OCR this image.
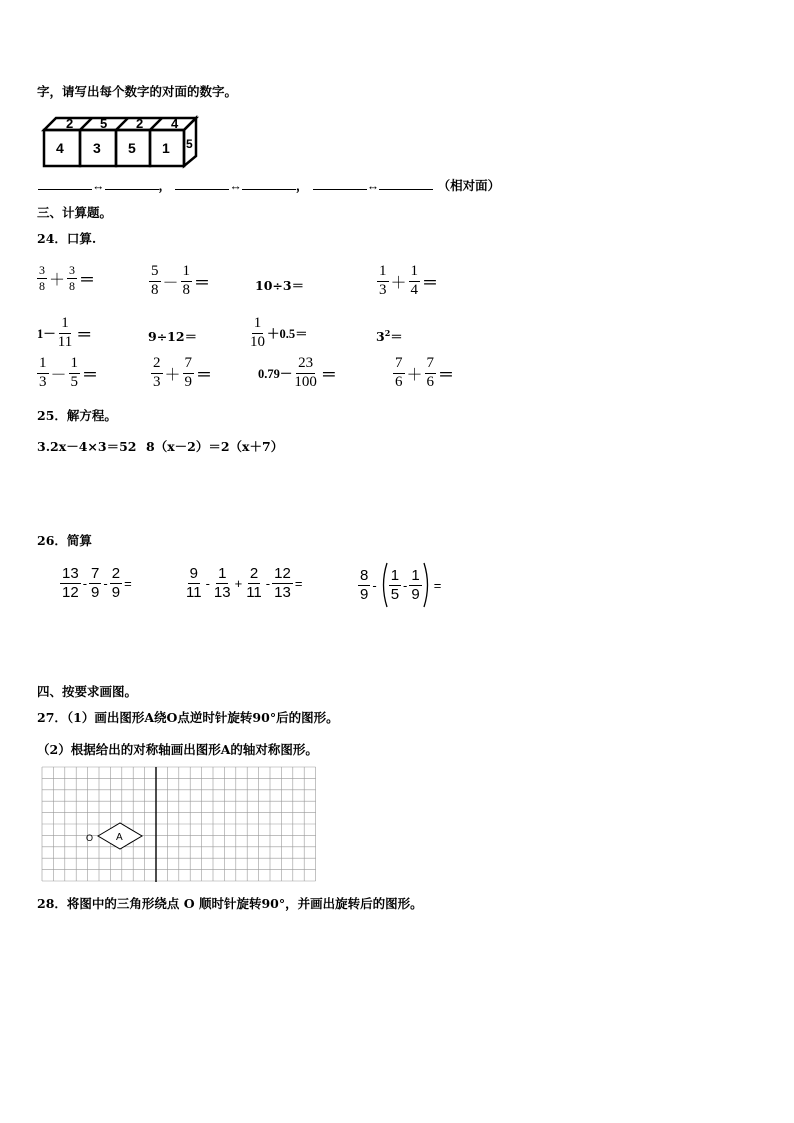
字，请写出每个数字的对面的数字。
2 5 2 4
4 3 5 1 5
↔	，	↔	，	↔	（相对面）
三、计算题。
24．口算.
$\frac{3}{8} + \frac{3}{8}$ ＝	$\frac{5}{8} - \frac{1}{8}$ ＝	10÷3＝	$\frac{1}{3} + \frac{1}{4}$ ＝
$1- \frac{1}{11}$ ＝	9÷12＝	$\frac{1}{10} +0.5=$	$3^2=$
$\frac{1}{3} - \frac{1}{5}$ ＝	$\frac{2}{3} + \frac{7}{9}$ ＝	$0.79- \frac{23}{100}$ ＝	$\frac{7}{6} + \frac{7}{6}$ ＝
25．解方程。
3.2x－4×3＝52 8（x－2）＝2（x＋7）
26．简算
$\frac{13}{12} - \frac{7}{9} - \frac{2}{9}$ =	$\frac{9}{11} - \frac{1}{13} + \frac{2}{11} - \frac{12}{13}$ =	$\frac{8}{9} - \frac{1}{5} - \frac{1}{9}$ =
四、按要求画图。
27．（1）画出图形A绕O点逆时针旋转90°后的图形。
（2）根据给出的对称轴画出图形A的轴对称图形。
O A
28．将图中的三角形绕点 O 顺时针旋转90°，并画出旋转后的图形。
